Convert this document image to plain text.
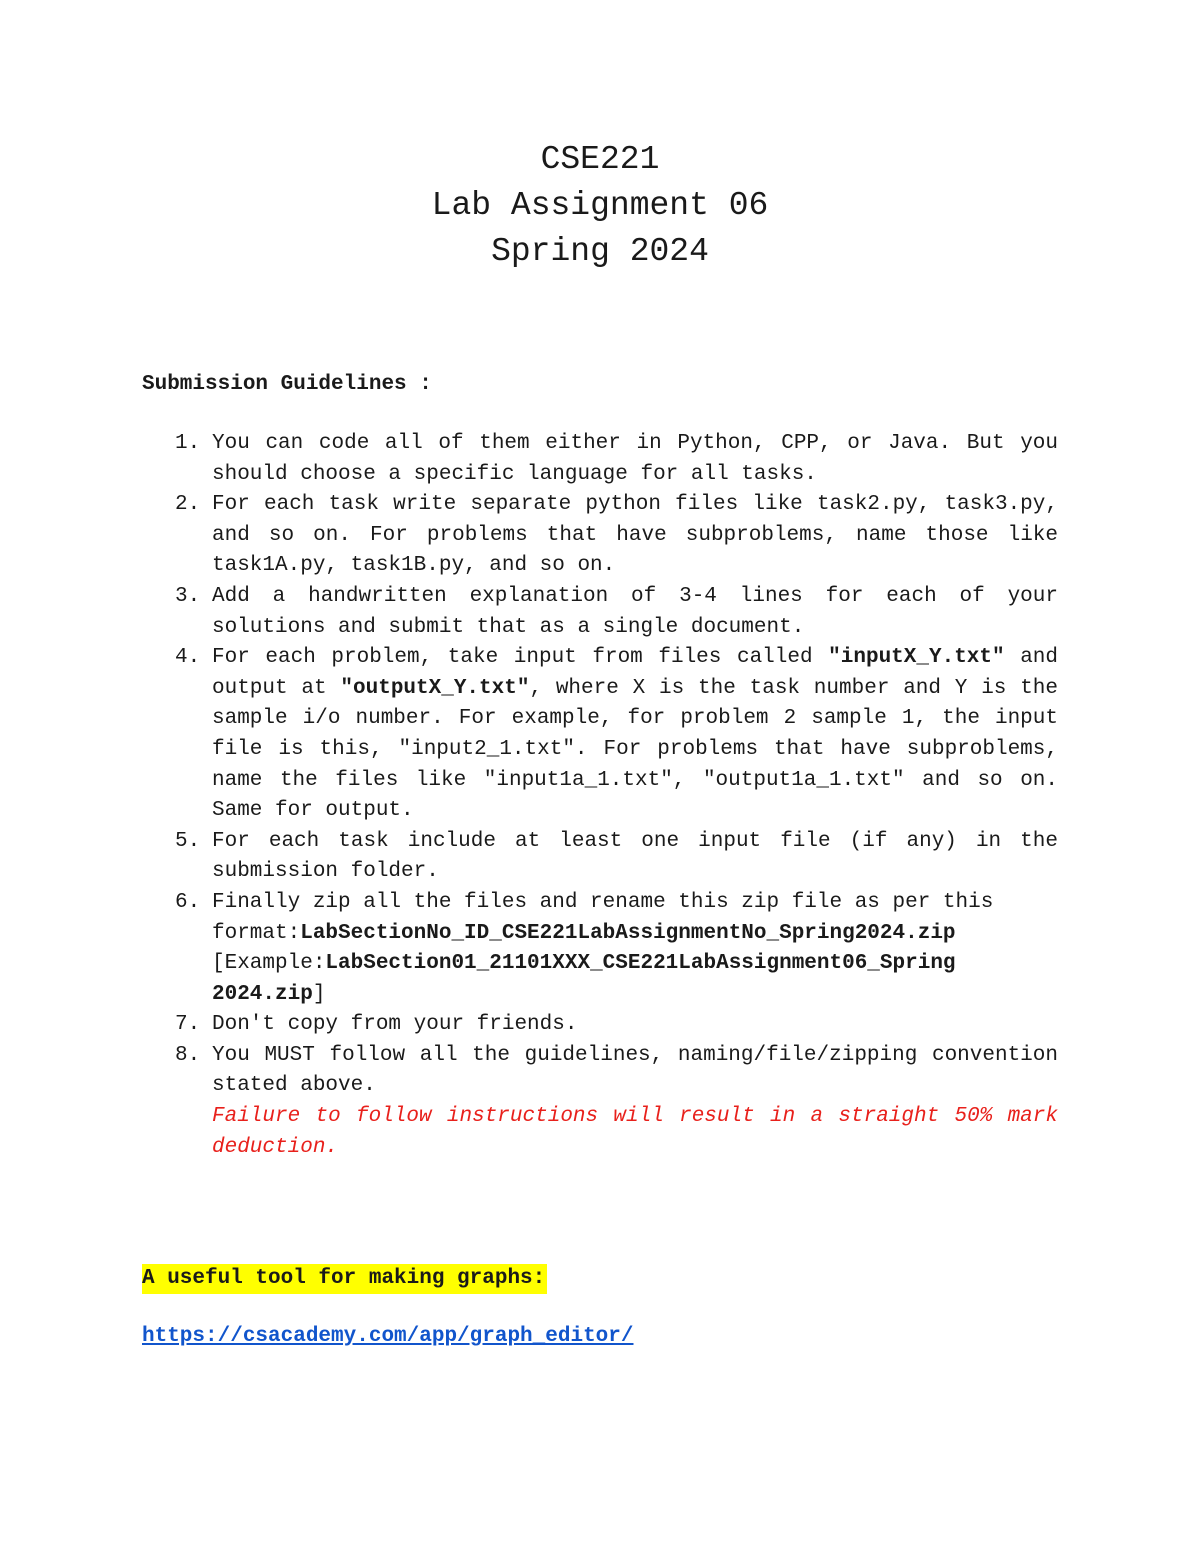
CSE221
Lab Assignment 06
Spring 2024
Submission Guidelines :
1. You can code all of them either in Python, CPP, or Java. But you should choose a specific language for all tasks.
2. For each task write separate python files like task2.py, task3.py, and so on. For problems that have subproblems, name those like task1A.py, task1B.py, and so on.
3. Add a handwritten explanation of 3-4 lines for each of your solutions and submit that as a single document.
4. For each problem, take input from files called "inputX_Y.txt" and output at "outputX_Y.txt", where X is the task number and Y is the sample i/o number. For example, for problem 2 sample 1, the input file is this, "input2_1.txt". For problems that have subproblems, name the files like "input1a_1.txt", "output1a_1.txt" and so on. Same for output.
5. For each task include at least one input file (if any) in the submission folder.
6. Finally zip all the files and rename this zip file as per this
format:LabSectionNo_ID_CSE221LabAssignmentNo_Spring2024.zip
[Example:LabSection01_21101XXX_CSE221LabAssignment06_Spring
2024.zip]
7. Don't copy from your friends.
8. You MUST follow all the guidelines, naming/file/zipping convention stated above.
Failure to follow instructions will result in a straight 50% mark deduction.
A useful tool for making graphs:
https://csacademy.com/app/graph_editor/
